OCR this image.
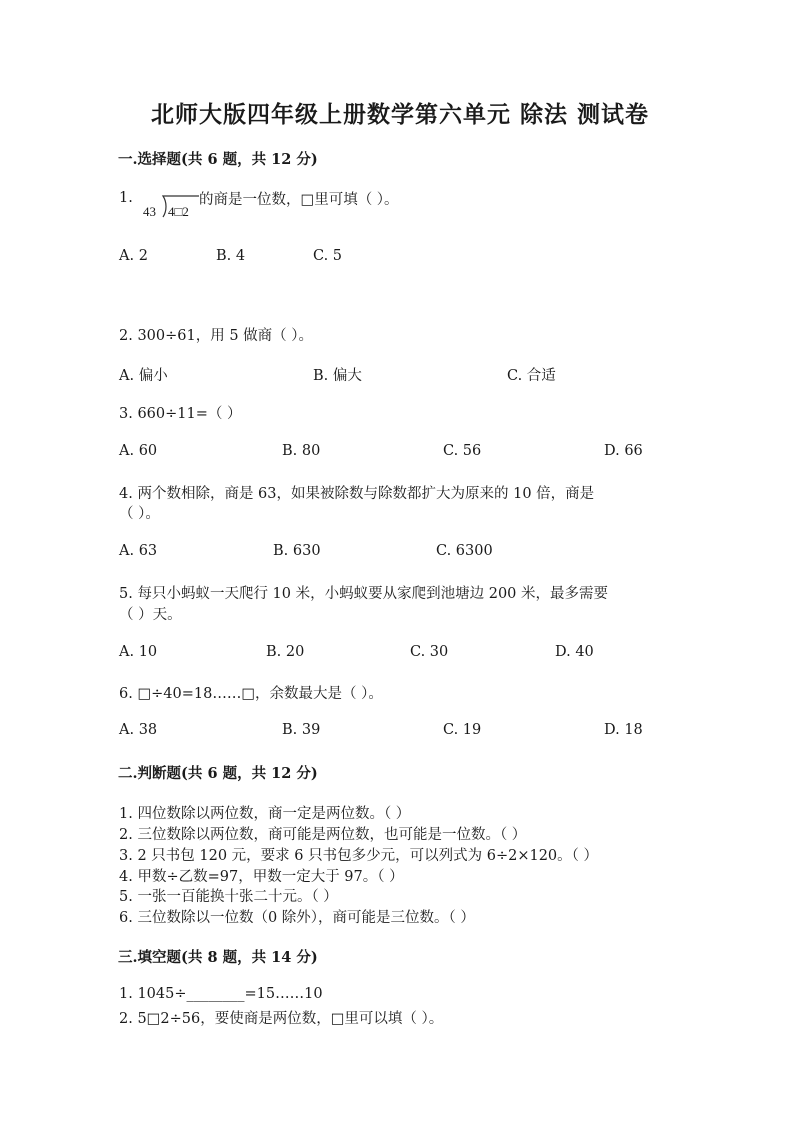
北师大版四年级上册数学第六单元 除法 测试卷
一.选择题(共 6 题，共 12 分)
1.
43 4□2
的商是一位数，□里可填（ ）。
A. 2	B. 4	C. 5
2. 300÷61，用 5 做商（ ）。
A. 偏小	B. 偏大	C. 合适
3. 660÷11=（ ）
A. 60	B. 80	C. 56	D. 66
4. 两个数相除，商是 63，如果被除数与除数都扩大为原来的 10 倍，商是
（ ）。
A. 63	B. 630	C. 6300
5. 每只小蚂蚁一天爬行 10 米，小蚂蚁要从家爬到池塘边 200 米，最多需要
（ ）天。
A. 10	B. 20	C. 30	D. 40
6. □÷40=18……□，余数最大是（ ）。
A. 38	B. 39	C. 19	D. 18
二.判断题(共 6 题，共 12 分)
1. 四位数除以两位数，商一定是两位数。（ ）
2. 三位数除以两位数，商可能是两位数，也可能是一位数。（ ）
3. 2 只书包 120 元，要求 6 只书包多少元，可以列式为 6÷2×120。（ ）
4. 甲数÷乙数=97，甲数一定大于 97。（ ）
5. 一张一百能换十张二十元。（ ）
6. 三位数除以一位数（0 除外），商可能是三位数。（ ）
三.填空题(共 8 题，共 14 分)
1. 1045÷________=15……10
2. 5□2÷56，要使商是两位数，□里可以填（ ）。
